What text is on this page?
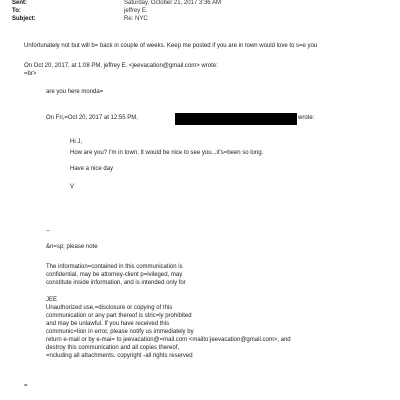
Sent:	Saturday, October 21, 2017 3:36 AM
To:	jeffrey E.
Subject:	Re: NYC
Unfortunately not but will b= back in couple of weeks. Keep me posted if you are in town would love to s=e you
On Oct 20, 2017, at 1:08 PM, jeffrey E. <jeevacation@gmail.com> wrote:
=br>
are you here monda=
On Fri,=Oct 20, 2017 at 12:55 PM,	wrote:
Hi J,
How are you? I'm in town. It would be nice to see you...it's=been so long.
Have a nice day
V
--
&n=sp; please note
The information=contained in this communication is
confidential, may be attorney-client p=ivileged, may
constitute inside information, and is intended only for
JEE
Unauthorized use,=disclosure or copying of this
communication or any part thereof is stric=ly prohibited
and may be unlawful. If you have received this
communic=tion in error, please notify us immediately by
return e-mail or by e-mai= to jeevacation@=mail.com <mailto:jeevacation@gmail.com>, and
destroy this communication and all copies thereof,
=ncluding all attachments. copyright -all rights reserved
=
